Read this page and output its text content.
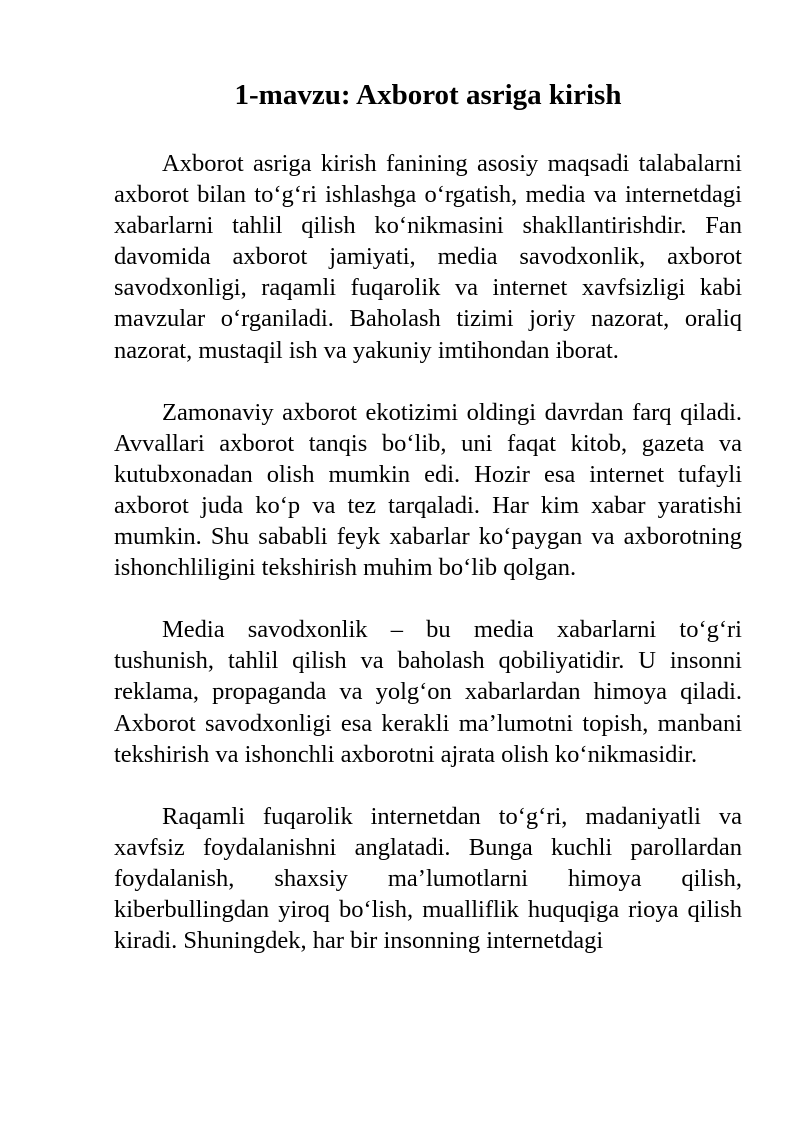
1-mavzu: Axborot asriga kirish

Axborot asriga kirish fanining asosiy maqsadi talabalarni axborot bilan to‘g‘ri ishlashga o‘rgatish, media va internetdagi xabarlarni tahlil qilish ko‘nikmasini shakllantirishdir. Fan davomida axborot jamiyati, media savodxonlik, axborot savodxonligi, raqamli fuqarolik va internet xavfsizligi kabi mavzular o‘rganiladi. Baholash tizimi joriy nazorat, oraliq nazorat, mustaqil ish va yakuniy imtihondan iborat.

Zamonaviy axborot ekotizimi oldingi davrdan farq qiladi. Avvallari axborot tanqis bo‘lib, uni faqat kitob, gazeta va kutubxonadan olish mumkin edi. Hozir esa internet tufayli axborot juda ko‘p va tez tarqaladi. Har kim xabar yaratishi mumkin. Shu sababli feyk xabarlar ko‘paygan va axborotning ishonchliligini tekshirish muhim bo‘lib qolgan.

Media savodxonlik – bu media xabarlarni to‘g‘ri tushunish, tahlil qilish va baholash qobiliyatidir. U insonni reklama, propaganda va yolg‘on xabarlardan himoya qiladi. Axborot savodxonligi esa kerakli ma’lumotni topish, manbani tekshirish va ishonchli axborotni ajrata olish ko‘nikmasidir.

Raqamli fuqarolik internetdan to‘g‘ri, madaniyatli va xavfsiz foydalanishni anglatadi. Bunga kuchli parollardan foydalanish, shaxsiy ma’lumotlarni himoya qilish, kiberbullingdan yiroq bo‘lish, mualliflik huquqiga rioya qilish kiradi. Shuningdek, har bir insonning internetdagi
